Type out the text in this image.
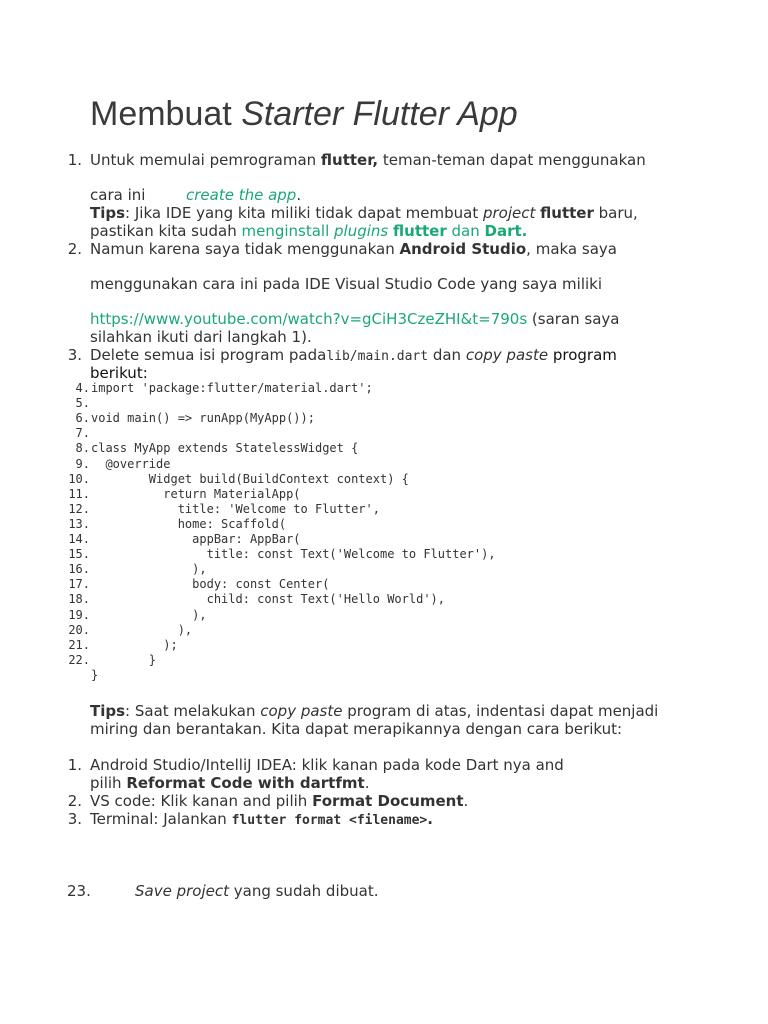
Membuat Starter Flutter App
1. Untuk memulai pemrograman flutter, teman-teman dapat menggunakan
cara ini	create the app.
Tips: Jika IDE yang kita miliki tidak dapat membuat project flutter baru,
pastikan kita sudah menginstall plugins flutter dan Dart.
2. Namun karena saya tidak menggunakan Android Studio, maka saya
menggunakan cara ini pada IDE Visual Studio Code yang saya miliki
https://www.youtube.com/watch?v=gCiH3CzeZHI&t=790s (saran saya
silahkan ikuti dari langkah 1).
3. Delete semua isi program padalib/main.dart dan copy paste program
berikut:
4. import 'package:flutter/material.dart';
5.
6. void main() => runApp(MyApp());
7.
8. class MyApp extends StatelessWidget {
9. @override
10. Widget build(BuildContext context) {
11. return MaterialApp(
12. title: 'Welcome to Flutter',
13. home: Scaffold(
14. appBar: AppBar(
15. title: const Text('Welcome to Flutter'),
16. ),
17. body: const Center(
18. child: const Text('Hello World'),
19. ),
20. ),
21. );
22. }
}
Tips: Saat melakukan copy paste program di atas, indentasi dapat menjadi
miring dan berantakan. Kita dapat merapikannya dengan cara berikut:
1. Android Studio/IntelliJ IDEA: klik kanan pada kode Dart nya and
pilih Reformat Code with dartfmt.
2. VS code: Klik kanan and pilih Format Document.
3. Terminal: Jalankan flutter format <filename>.
23.	Save project yang sudah dibuat.
